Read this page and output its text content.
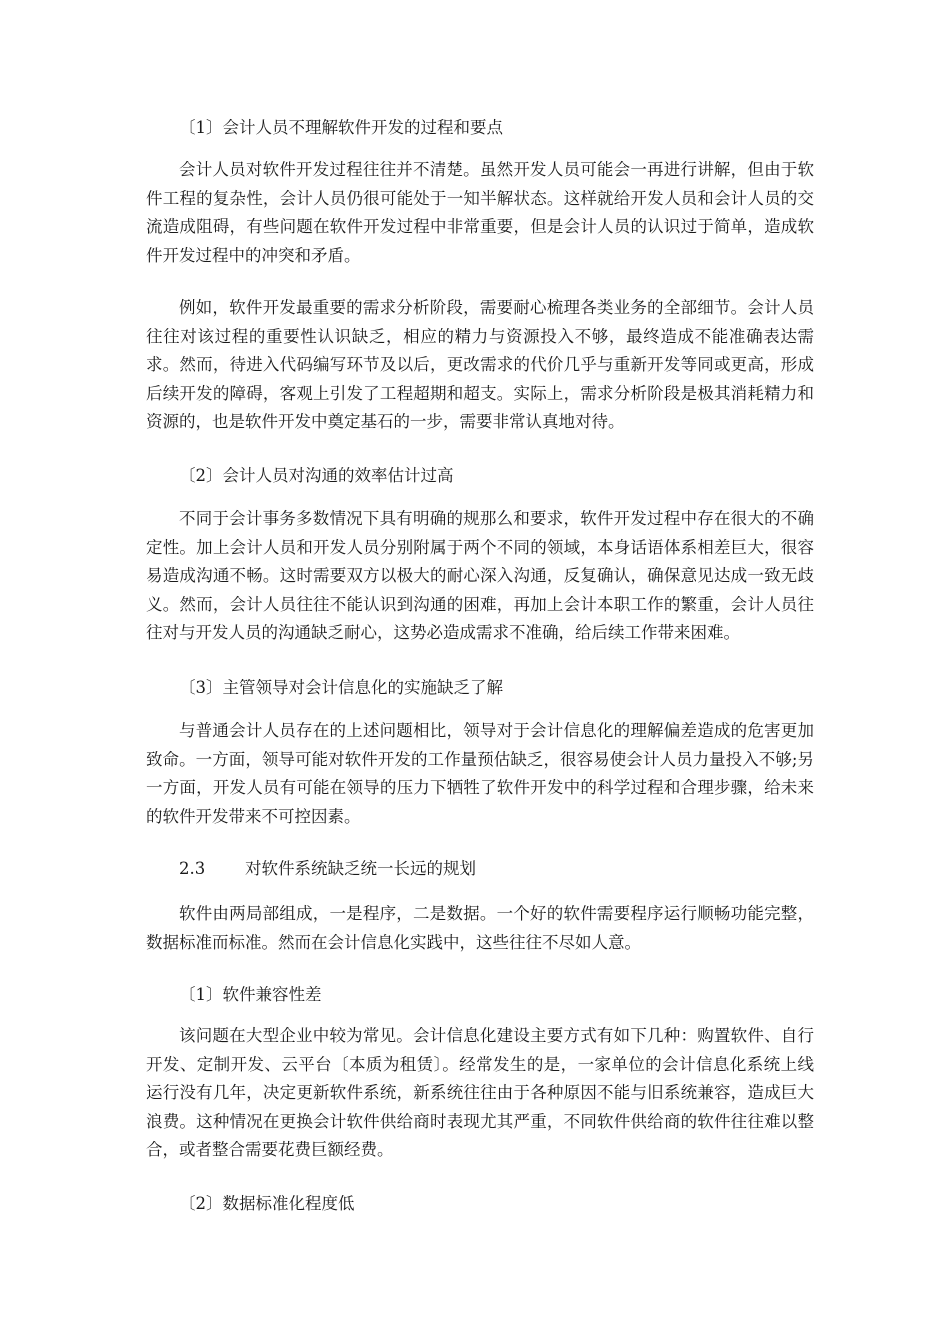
〔1〕会计人员不理解软件开发的过程和要点
会计人员对软件开发过程往往并不清楚。虽然开发人员可能会一再进行讲解，但由于软件工程的复杂性，会计人员仍很可能处于一知半解状态。这样就给开发人员和会计人员的交流造成阻碍，有些问题在软件开发过程中非常重要，但是会计人员的认识过于简单，造成软件开发过程中的冲突和矛盾。
例如，软件开发最重要的需求分析阶段，需要耐心梳理各类业务的全部细节。会计人员往往对该过程的重要性认识缺乏，相应的精力与资源投入不够，最终造成不能准确表达需求。然而，待进入代码编写环节及以后，更改需求的代价几乎与重新开发等同或更高，形成后续开发的障碍，客观上引发了工程超期和超支。实际上，需求分析阶段是极其消耗精力和资源的，也是软件开发中奠定基石的一步，需要非常认真地对待。
〔2〕会计人员对沟通的效率估计过高
不同于会计事务多数情况下具有明确的规那么和要求，软件开发过程中存在很大的不确定性。加上会计人员和开发人员分别附属于两个不同的领域，本身话语体系相差巨大，很容易造成沟通不畅。这时需要双方以极大的耐心深入沟通，反复确认，确保意见达成一致无歧义。然而，会计人员往往不能认识到沟通的困难，再加上会计本职工作的繁重，会计人员往往对与开发人员的沟通缺乏耐心，这势必造成需求不准确，给后续工作带来困难。
〔3〕主管领导对会计信息化的实施缺乏了解
与普通会计人员存在的上述问题相比，领导对于会计信息化的理解偏差造成的危害更加致命。一方面，领导可能对软件开发的工作量预估缺乏，很容易使会计人员力量投入不够;另一方面，开发人员有可能在领导的压力下牺牲了软件开发中的科学过程和合理步骤，给未来的软件开发带来不可控因素。
2.3 对软件系统缺乏统一长远的规划
软件由两局部组成，一是程序，二是数据。一个好的软件需要程序运行顺畅功能完整，数据标准而标准。然而在会计信息化实践中，这些往往不尽如人意。
〔1〕软件兼容性差
该问题在大型企业中较为常见。会计信息化建设主要方式有如下几种：购置软件、自行开发、定制开发、云平台〔本质为租赁〕。经常发生的是，一家单位的会计信息化系统上线运行没有几年，决定更新软件系统，新系统往往由于各种原因不能与旧系统兼容，造成巨大浪费。这种情况在更换会计软件供给商时表现尤其严重，不同软件供给商的软件往往难以整合，或者整合需要花费巨额经费。
〔2〕数据标准化程度低
